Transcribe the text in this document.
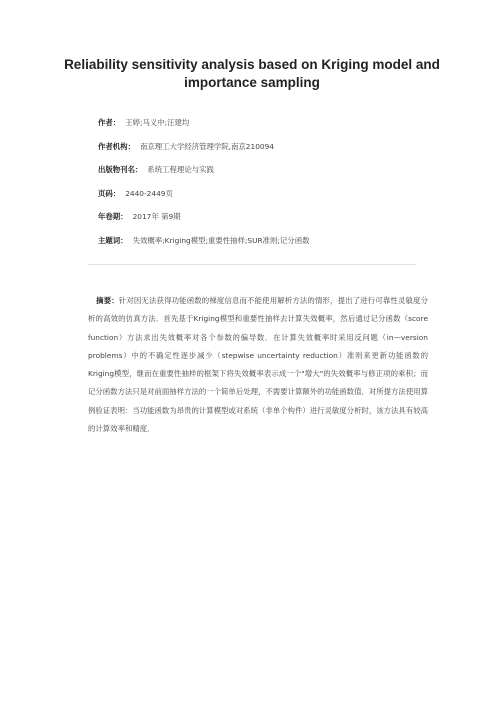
Reliability sensitivity analysis based on Kriging model and importance sampling
作者： 王婷;马义中;汪建均
作者机构： 南京理工大学经济管理学院,南京210094
出版物刊名： 系统工程理论与实践
页码： 2440-2449页
年卷期： 2017年 第9期
主题词： 失效概率;Kriging模型;重要性抽样;SUR准则;记分函数
摘要：针对因无法获得功能函数的梯度信息而不能使用解析方法的情形，提出了进行可靠性灵敏度分析的高效的仿真方法．首先基于Kriging模型和重要性抽样去计算失效概率，然后通过记分函数（score function）方法求出失效概率对各个参数的偏导数．在计算失效概率时采用反问题（in—version problems）中的不确定性逐步减少（stepwise uncertainty reduction）准则来更新功能函数的Kriging模型，继而在重要性抽样的框架下将失效概率表示成一个"增大"的失效概率与修正项的乘积；而记分函数方法只是对前面抽样方法的一个简单后处理，不需要计算额外的功能函数值．对所提方法使用算例验证表明：当功能函数为昂贵的计算模型或对系统（非单个构件）进行灵敏度分析时，该方法具有较高的计算效率和精度．
